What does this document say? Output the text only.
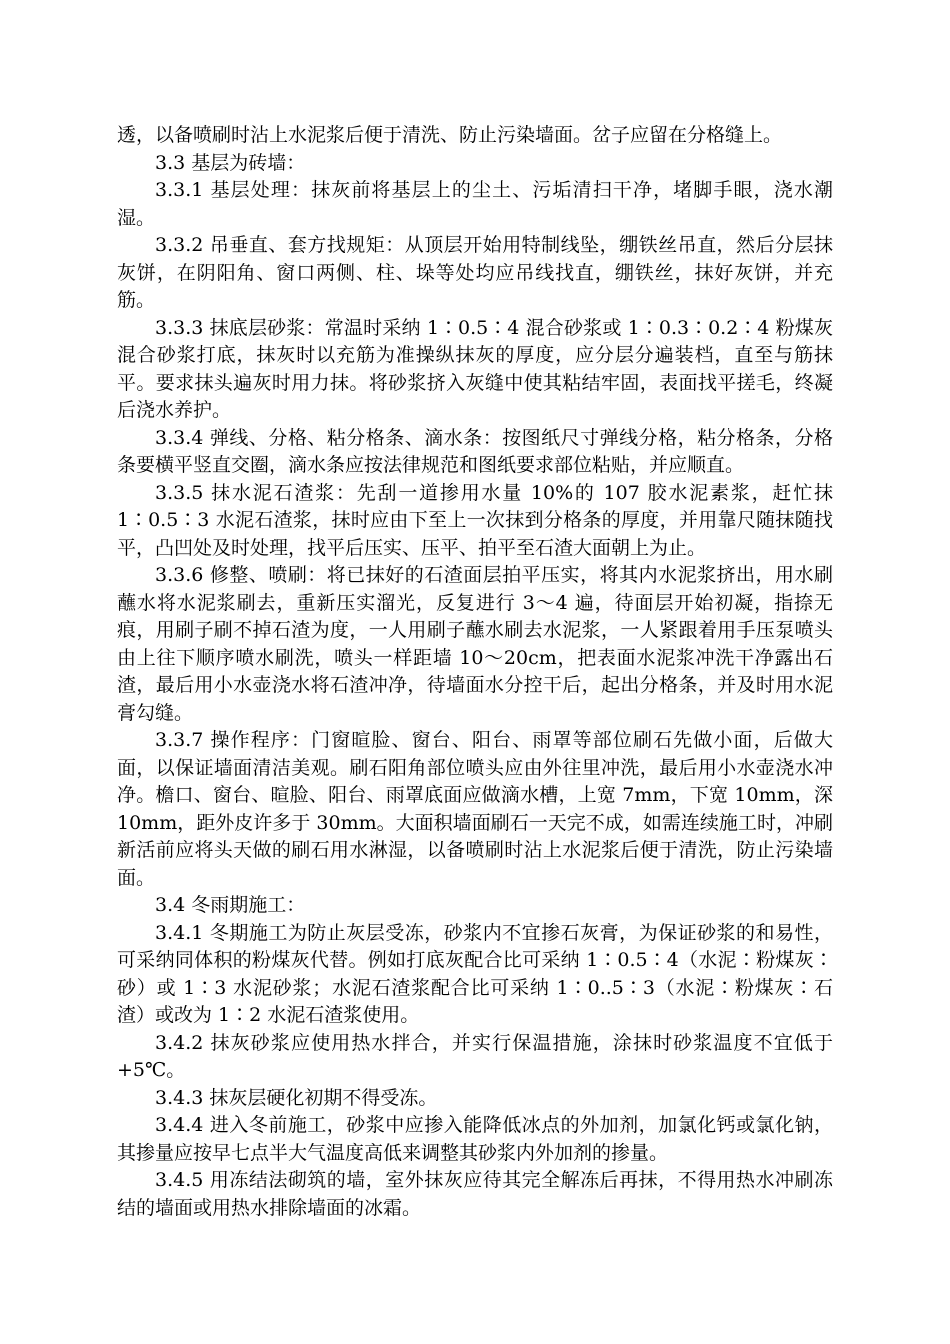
透，以备喷刷时沾上水泥浆后便于清洗、防止污染墙面。岔子应留在分格缝上。

3.3 基层为砖墙：

3.3.1 基层处理：抹灰前将基层上的尘土、污垢清扫干净，堵脚手眼，浇水潮湿。

3.3.2 吊垂直、套方找规矩：从顶层开始用特制线坠，绷铁丝吊直，然后分层抹灰饼，在阴阳角、窗口两侧、柱、垛等处均应吊线找直，绷铁丝，抹好灰饼，并充筋。

3.3.3 抹底层砂浆：常温时采纳 1∶0.5∶4 混合砂浆或 1∶0.3∶0.2∶4 粉煤灰混合砂浆打底，抹灰时以充筋为准操纵抹灰的厚度，应分层分遍装档，直至与筋抹平。要求抹头遍灰时用力抹。将砂浆挤入灰缝中使其粘结牢固，表面找平搓毛，终凝后浇水养护。

3.3.4 弹线、分格、粘分格条、滴水条：按图纸尺寸弹线分格，粘分格条，分格条要横平竖直交圈，滴水条应按法律规范和图纸要求部位粘贴，并应顺直。

3.3.5 抹水泥石渣浆：先刮一道掺用水量 10%的 107 胶水泥素浆，赶忙抹 1∶0.5∶3 水泥石渣浆，抹时应由下至上一次抹到分格条的厚度，并用靠尺随抹随找平，凸凹处及时处理，找平后压实、压平、拍平至石渣大面朝上为止。

3.3.6 修整、喷刷：将已抹好的石渣面层拍平压实，将其内水泥浆挤出，用水刷蘸水将水泥浆刷去，重新压实溜光，反复进行 3～4 遍，待面层开始初凝，指捺无痕，用刷子刷不掉石渣为度，一人用刷子蘸水刷去水泥浆，一人紧跟着用手压泵喷头由上往下顺序喷水刷洗，喷头一样距墙 10～20cm，把表面水泥浆冲洗干净露出石渣，最后用小水壶浇水将石渣冲净，待墙面水分控干后，起出分格条，并及时用水泥膏勾缝。

3.3.7 操作程序：门窗暄脸、窗台、阳台、雨罩等部位刷石先做小面，后做大面，以保证墙面清洁美观。刷石阳角部位喷头应由外往里冲洗，最后用小水壶浇水冲净。檐口、窗台、暄脸、阳台、雨罩底面应做滴水槽，上宽 7mm，下宽 10mm，深 10mm，距外皮许多于 30mm。大面积墙面刷石一天完不成，如需连续施工时，冲刷新活前应将头天做的刷石用水淋湿，以备喷刷时沾上水泥浆后便于清洗，防止污染墙面。

3.4 冬雨期施工：

3.4.1 冬期施工为防止灰层受冻，砂浆内不宜掺石灰膏，为保证砂浆的和易性，可采纳同体积的粉煤灰代替。例如打底灰配合比可采纳 1∶0.5∶4（水泥∶粉煤灰∶砂）或 1∶3 水泥砂浆；水泥石渣浆配合比可采纳 1∶0..5∶3（水泥∶粉煤灰∶石渣）或改为 1∶2 水泥石渣浆使用。

3.4.2 抹灰砂浆应使用热水拌合，并实行保温措施，涂抹时砂浆温度不宜低于+5℃。

3.4.3 抹灰层硬化初期不得受冻。

3.4.4 进入冬前施工，砂浆中应掺入能降低冰点的外加剂，加氯化钙或氯化钠，其掺量应按早七点半大气温度高低来调整其砂浆内外加剂的掺量。

3.4.5 用冻结法砌筑的墙，室外抹灰应待其完全解冻后再抹，不得用热水冲刷冻结的墙面或用热水排除墙面的冰霜。
